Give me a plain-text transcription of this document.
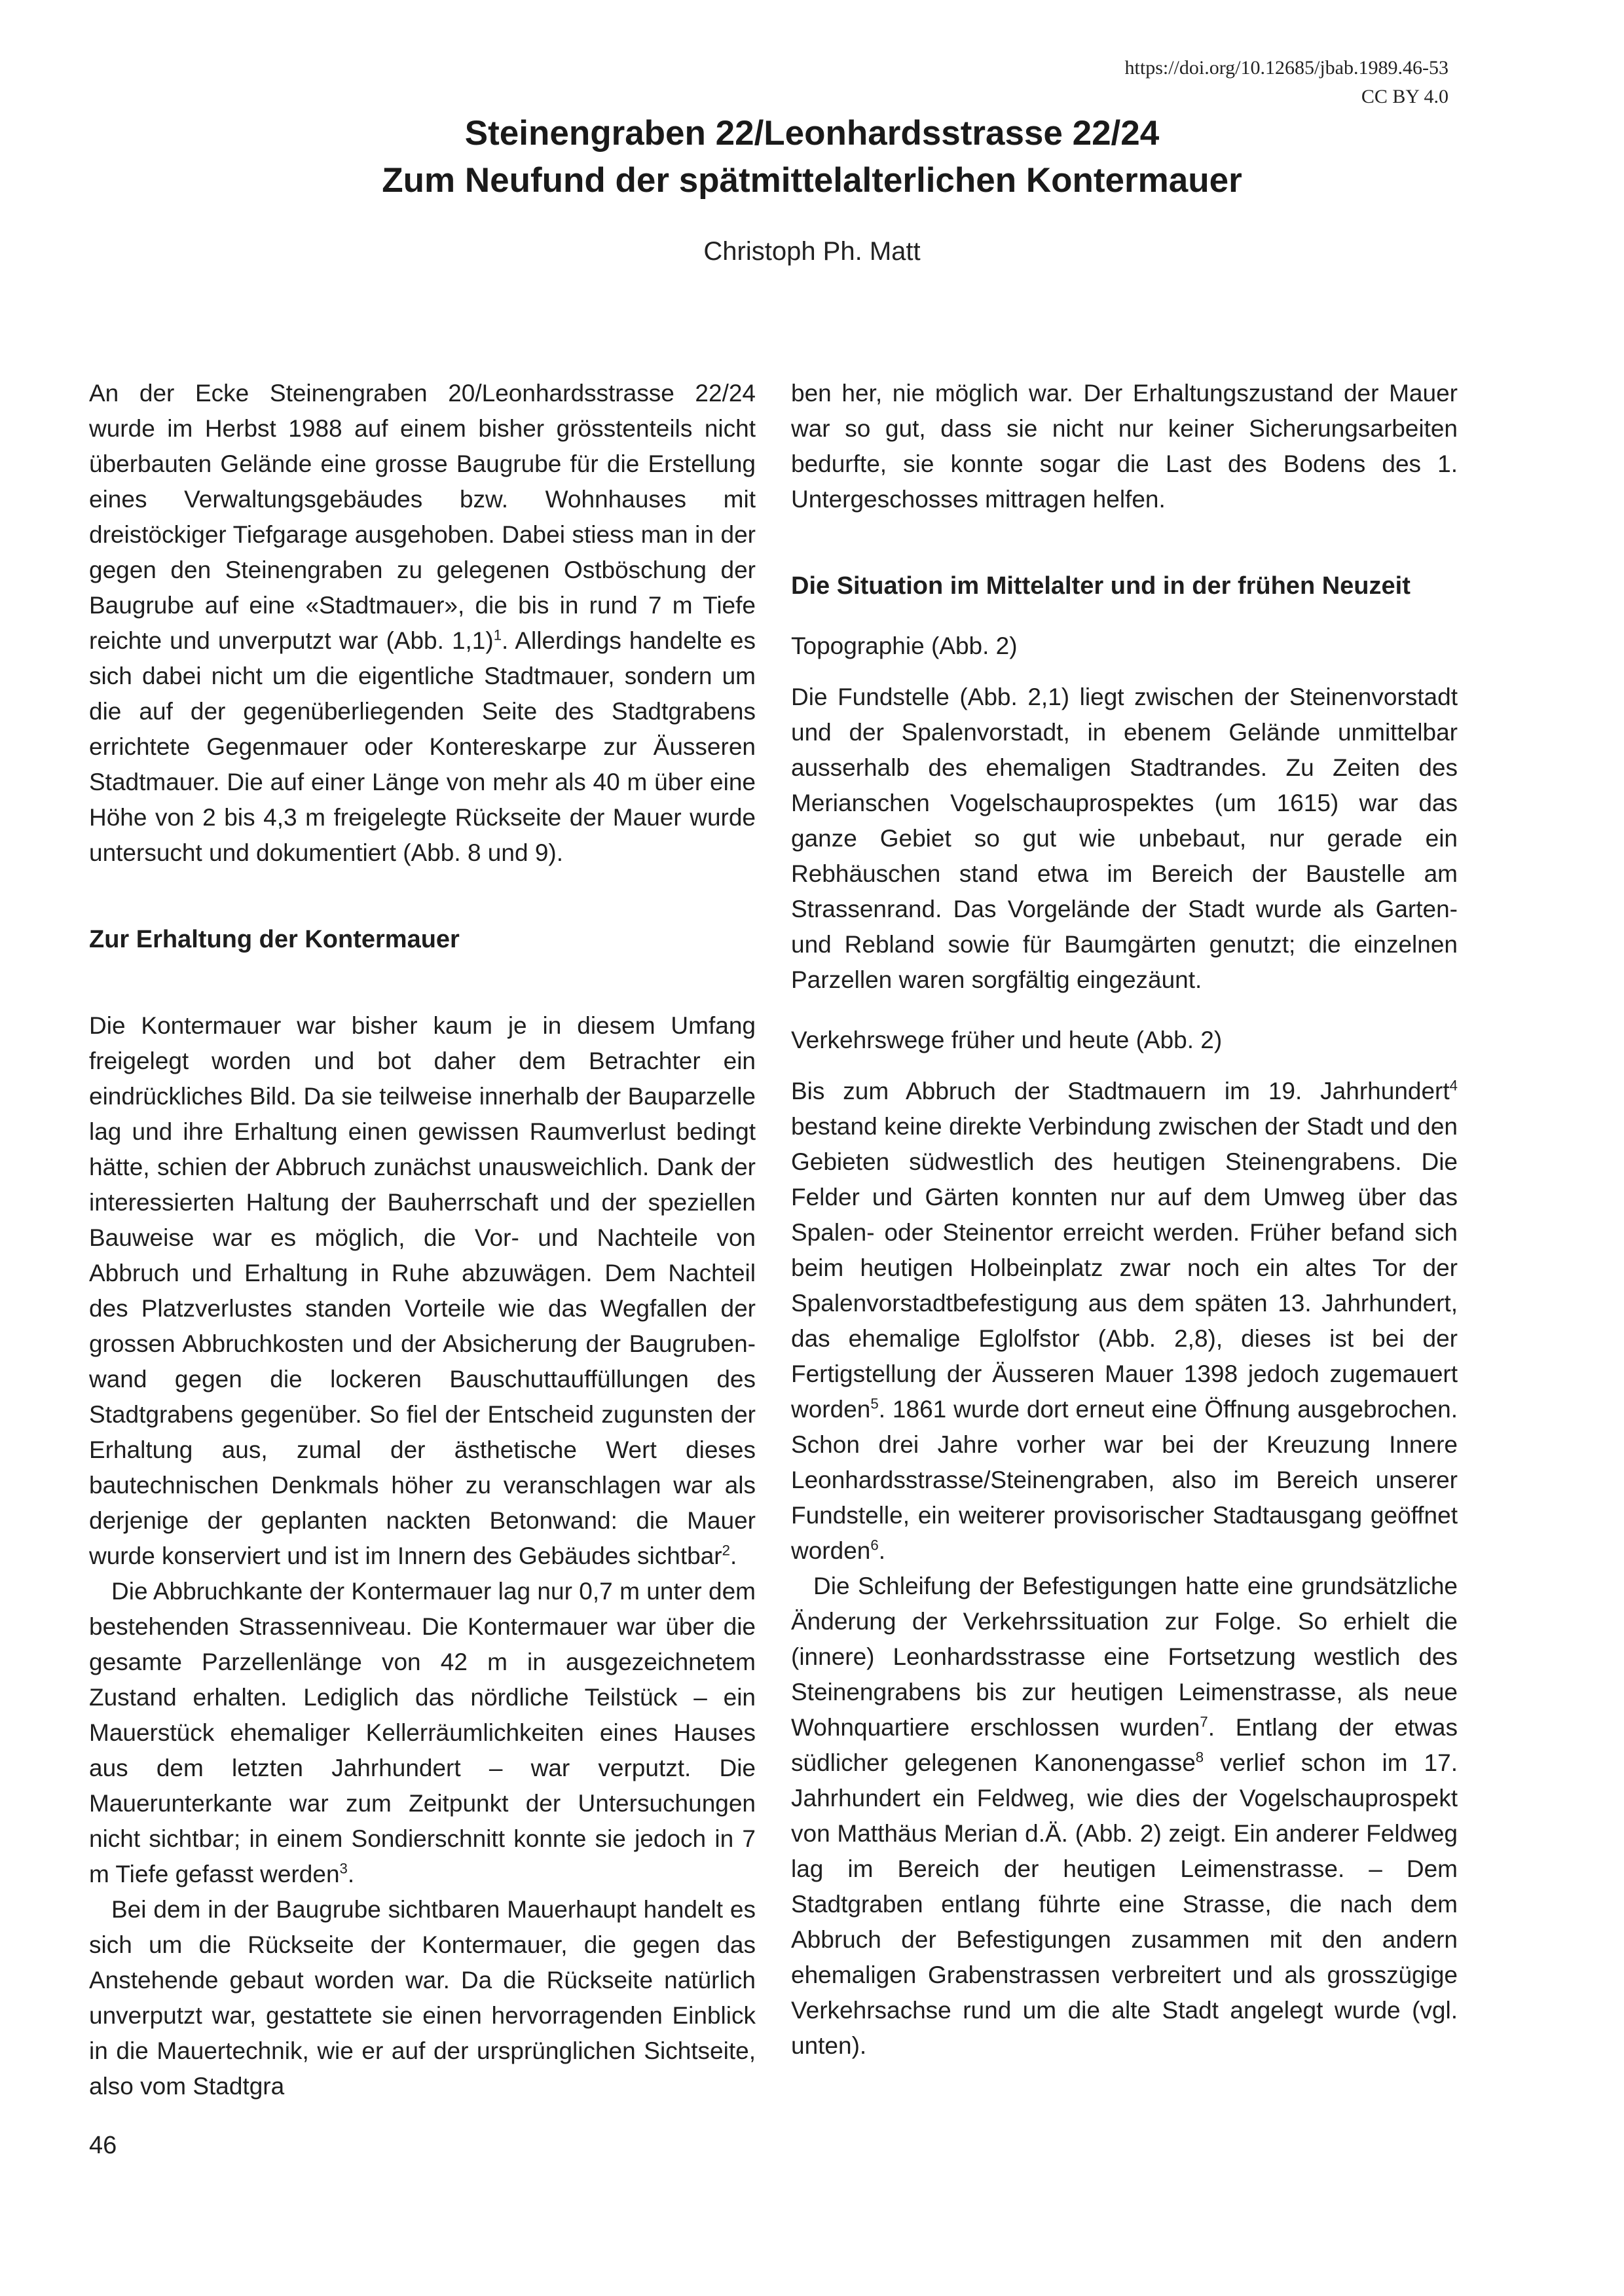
https://doi.org/10.12685/jbab.1989.46-53
CC BY 4.0
Steinengraben 22/Leonhardsstrasse 22/24
Zum Neufund der spätmittelalterlichen Kontermauer
Christoph Ph. Matt

An der Ecke Steinengraben 20/Leonhardsstrasse 22/24 wurde im Herbst 1988 auf einem bisher grösstenteils nicht überbauten Gelände eine grosse Baugrube für die Erstellung eines Verwaltungsgebäudes bzw. Wohnhauses mit dreistöckiger Tiefgarage ausgehoben. Dabei stiess man in der gegen den Steinengraben zu gelegenen Ostböschung der Baugrube auf eine «Stadtmauer», die bis in rund 7 m Tiefe reichte und unverputzt war (Abb. 1,1)$^1$. Allerdings handelte es sich dabei nicht um die eigentliche Stadtmauer, sondern um die auf der gegenüberliegenden Seite des Stadtgrabens errichtete Gegenmauer oder Kontereskarpe zur Äusseren Stadtmauer. Die auf einer Länge von mehr als 40 m über eine Höhe von 2 bis 4,3 m freigelegte Rückseite der Mauer wurde untersucht und dokumentiert (Abb. 8 und 9).

Zur Erhaltung der Kontermauer

Die Kontermauer war bisher kaum je in diesem Umfang freigelegt worden und bot daher dem Betrachter ein eindrückliches Bild. Da sie teilweise innerhalb der Bauparzelle lag und ihre Erhaltung einen gewissen Raumverlust bedingt hätte, schien der Abbruch zunächst unausweichlich. Dank der interessierten Haltung der Bauherrschaft und der speziellen Bauweise war es möglich, die Vor- und Nachteile von Abbruch und Erhaltung in Ruhe abzuwägen. Dem Nachteil des Platzverlustes standen Vorteile wie das Wegfallen der grossen Abbruchkosten und der Absicherung der Baugrubenwand gegen die lockeren Bauschuttauffüllungen des Stadtgrabens gegenüber. So fiel der Entscheid zugunsten der Erhaltung aus, zumal der ästhetische Wert dieses bautechnischen Denkmals höher zu veranschlagen war als derjenige der geplanten nackten Betonwand: die Mauer wurde konserviert und ist im Innern des Gebäudes sichtbar$^2$.

Die Abbruchkante der Kontermauer lag nur 0,7 m unter dem bestehenden Strassenniveau. Die Kontermauer war über die gesamte Parzellenlänge von 42 m in ausgezeichnetem Zustand erhalten. Lediglich das nördliche Teilstück – ein Mauerstück ehemaliger Kellerräumlichkeiten eines Hauses aus dem letzten Jahrhundert – war verputzt. Die Mauerunterkante war zum Zeitpunkt der Untersuchungen nicht sichtbar; in einem Sondierschnitt konnte sie jedoch in 7 m Tiefe gefasst werden$^3$.

Bei dem in der Baugrube sichtbaren Mauerhaupt handelt es sich um die Rückseite der Kontermauer, die gegen das Anstehende gebaut worden war. Da die Rückseite natürlich unverputzt war, gestattete sie einen hervorragenden Einblick in die Mauertechnik, wie er auf der ursprünglichen Sichtseite, also vom Stadtgra

ben her, nie möglich war. Der Erhaltungszustand der Mauer war so gut, dass sie nicht nur keiner Sicherungsarbeiten bedurfte, sie konnte sogar die Last des Bodens des 1. Untergeschosses mittragen helfen.

Die Situation im Mittelalter und in der frühen Neuzeit
Topographie (Abb. 2)

Die Fundstelle (Abb. 2,1) liegt zwischen der Steinenvorstadt und der Spalenvorstadt, in ebenem Gelände unmittelbar ausserhalb des ehemaligen Stadtrandes. Zu Zeiten des Merianschen Vogelschauprospektes (um 1615) war das ganze Gebiet so gut wie unbebaut, nur gerade ein Rebhäuschen stand etwa im Bereich der Baustelle am Strassenrand. Das Vorgelände der Stadt wurde als Garten- und Rebland sowie für Baumgärten genutzt; die einzelnen Parzellen waren sorgfältig eingezäunt.

Verkehrswege früher und heute (Abb. 2)

Bis zum Abbruch der Stadtmauern im 19. Jahrhundert$^4$ bestand keine direkte Verbindung zwischen der Stadt und den Gebieten südwestlich des heutigen Steinengrabens. Die Felder und Gärten konnten nur auf dem Umweg über das Spalen- oder Steinentor erreicht werden. Früher befand sich beim heutigen Holbeinplatz zwar noch ein altes Tor der Spalenvorstadtbefestigung aus dem späten 13. Jahrhundert, das ehemalige Eglolfstor (Abb. 2,8), dieses ist bei der Fertigstellung der Äusseren Mauer 1398 jedoch zugemauert worden$^5$. 1861 wurde dort erneut eine Öffnung ausgebrochen. Schon drei Jahre vorher war bei der Kreuzung Innere Leonhardsstrasse/Steinengraben, also im Bereich unserer Fundstelle, ein weiterer provisorischer Stadtausgang geöffnet worden$^6$.

Die Schleifung der Befestigungen hatte eine grundsätzliche Änderung der Verkehrssituation zur Folge. So erhielt die (innere) Leonhardsstrasse eine Fortsetzung westlich des Steinengrabens bis zur heutigen Leimenstrasse, als neue Wohnquartiere erschlossen wurden$^7$. Entlang der etwas südlicher gelegenen Kanonengasse$^8$ verlief schon im 17. Jahrhundert ein Feldweg, wie dies der Vogelschauprospekt von Matthäus Merian d.Ä. (Abb. 2) zeigt. Ein anderer Feldweg lag im Bereich der heutigen Leimenstrasse. – Dem Stadtgraben entlang führte eine Strasse, die nach dem Abbruch der Befestigungen zusammen mit den andern ehemaligen Grabenstrassen verbreitert und als grosszügige Verkehrsachse rund um die alte Stadt angelegt wurde (vgl. unten).

46
